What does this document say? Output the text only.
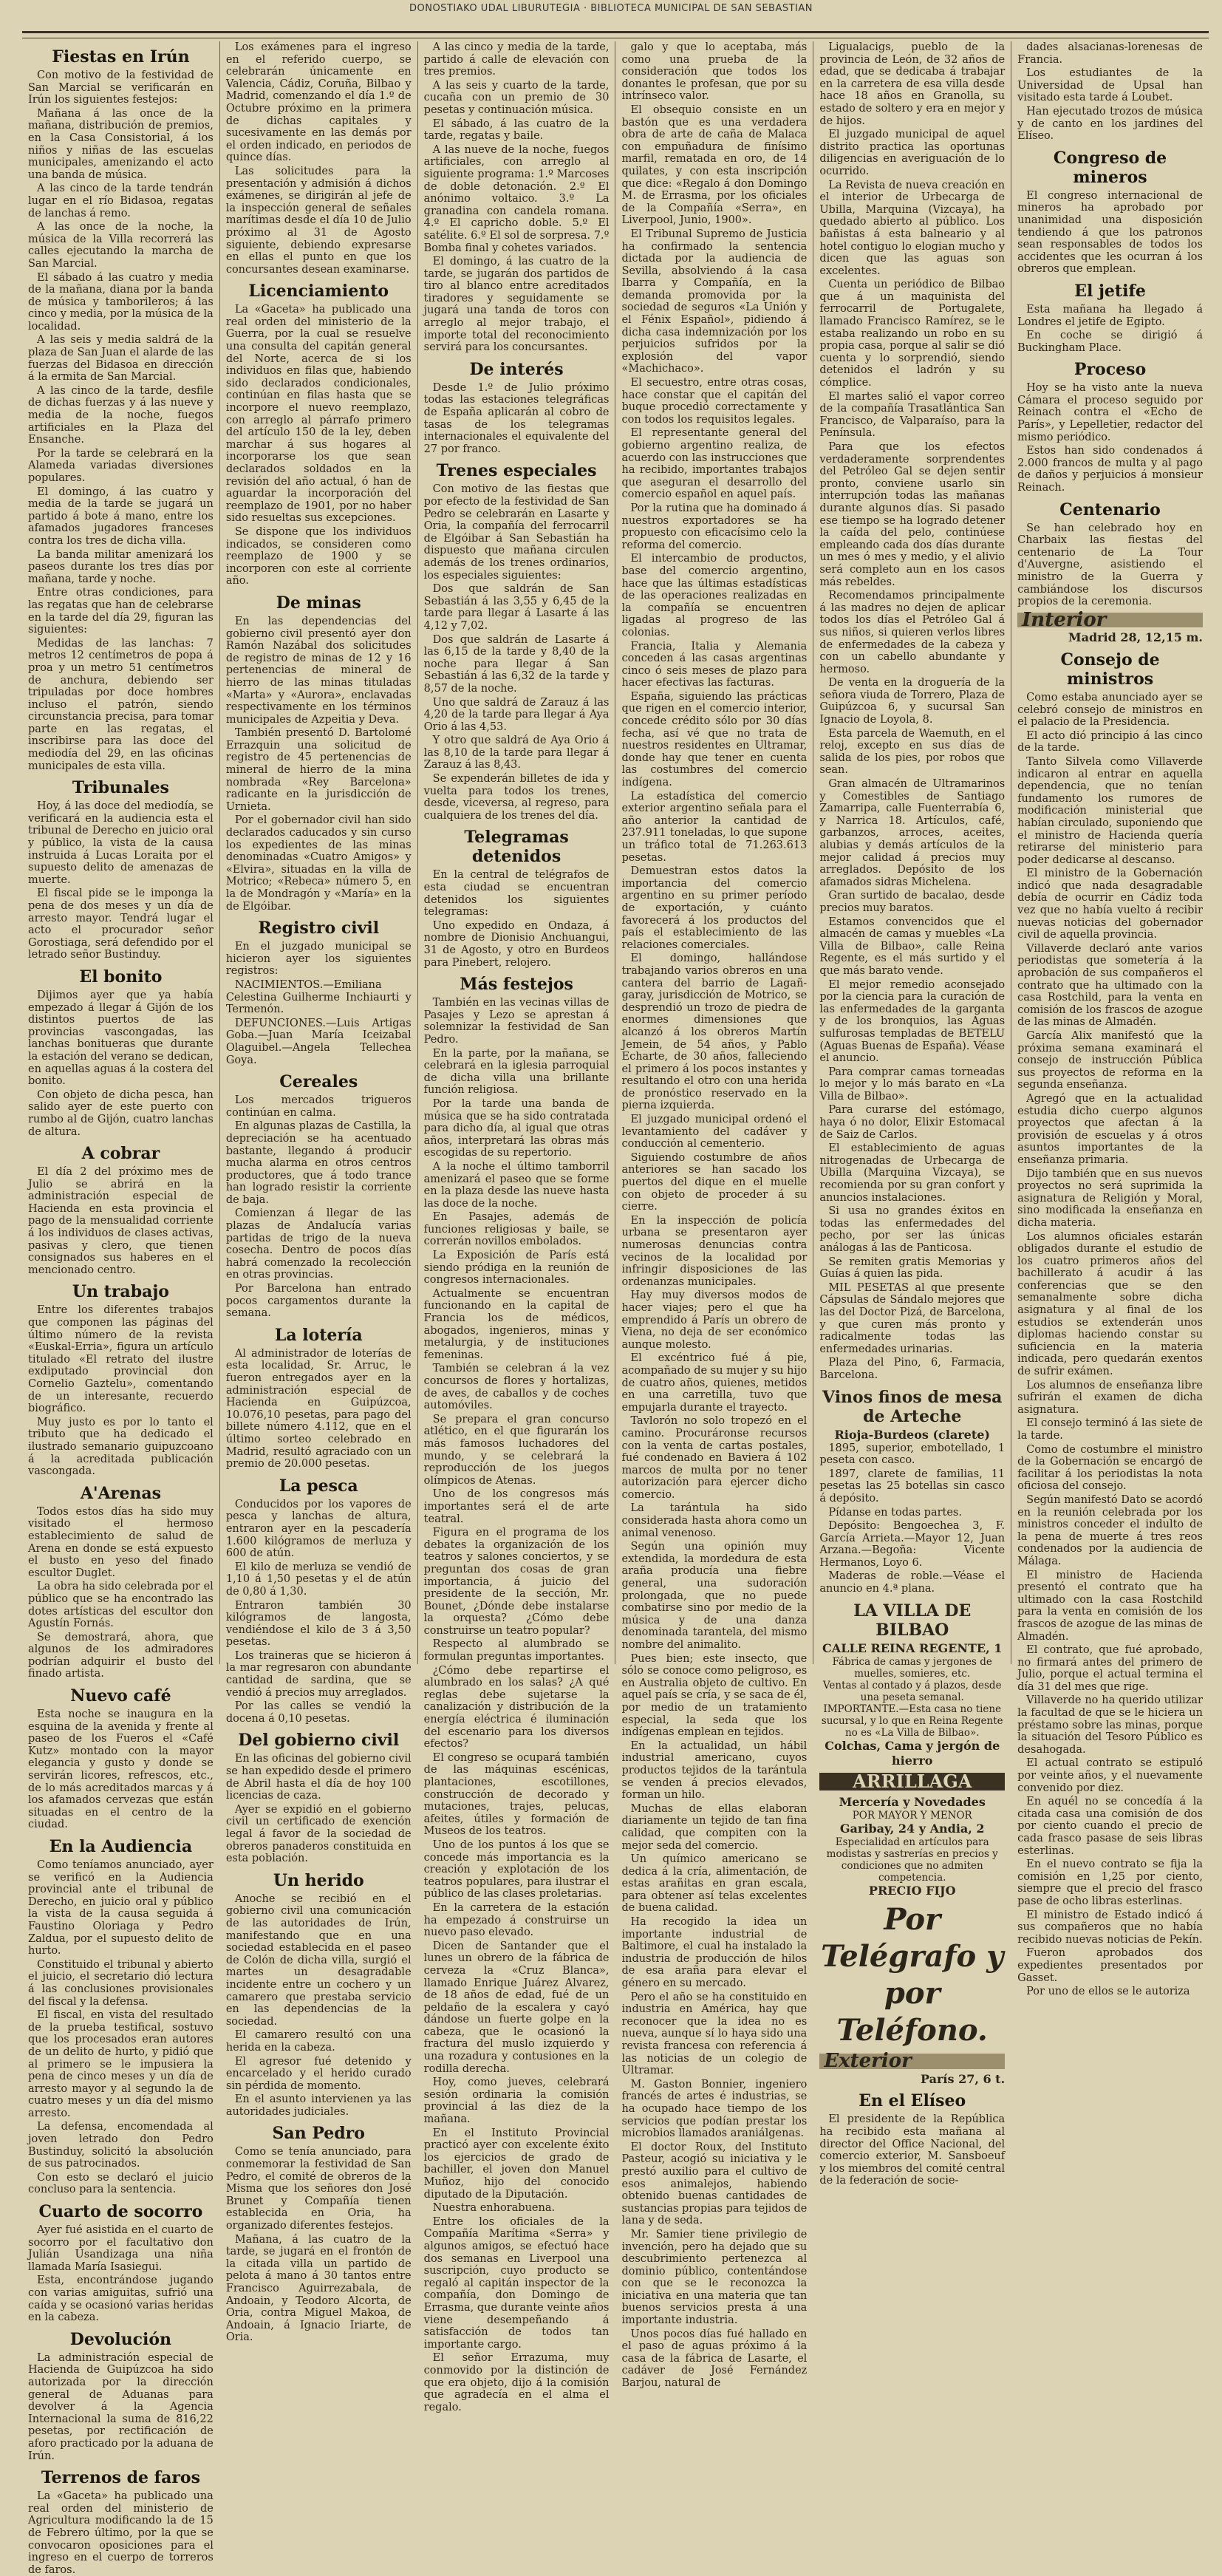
DONOSTIAKO UDAL LIBURUTEGIA · BIBLIOTECA MUNICIPAL DE SAN SEBASTIAN
Fiestas en Irún
Con motivo de la festividad de San Marcial se verificarán en Irún los siguientes festejos:
Mañana á las once de la mañana, distribución de premios, en la Casa Consistorial, á los niños y niñas de las escuelas municipales, amenizando el acto una banda de música.
A las cinco de la tarde tendrán lugar en el río Bidasoa, regatas de lanchas á remo.
A las once de la noche, la música de la Villa recorrerá las calles ejecutando la marcha de San Marcial.
El sábado á las cuatro y media de la mañana, diana por la banda de música y tamborileros; á las cinco y media, por la música de la localidad.
A las seis y media saldrá de la plaza de San Juan el alarde de las fuerzas del Bidasoa en dirección á la ermita de San Marcial.
A las cinco de la tarde, desfile de dichas fuerzas y á las nueve y media de la noche, fuegos artificiales en la Plaza del Ensanche.
Por la tarde se celebrará en la Alameda variadas diversiones populares.
El domingo, á las cuatro y media de la tarde se jugará un partido á bote á mano, entre los afamados jugadores franceses contra los tres de dicha villa.
La banda militar amenizará los paseos durante los tres días por mañana, tarde y noche.
Entre otras condiciones, para las regatas que han de celebrarse en la tarde del día 29, figuran las siguientes:
Medidas de las lanchas: 7 metros 12 centímetros de popa á proa y un metro 51 centímetros de anchura, debiendo ser tripuladas por doce hombres incluso el patrón, siendo circunstancia precisa, para tomar parte en las regatas, el inscribirse para las doce del mediodía del 29, en las oficinas municipales de esta villa.
Tribunales
Hoy, á las doce del mediodía, se verificará en la audiencia esta el tribunal de Derecho en juicio oral y público, la vista de la causa instruida á Lucas Loraita por el supuesto delito de amenazas de muerte.
El fiscal pide se le imponga la pena de dos meses y un día de arresto mayor. Tendrá lugar el acto el procurador señor Gorostiaga, será defendido por el letrado señor Bustinduy.
El bonito
Dijimos ayer que ya había empezado á llegar á Gijón de los distintos puertos de las provincias vascongadas, las lanchas bonitueras que durante la estación del verano se dedican, en aquellas aguas á la costera del bonito.
Con objeto de dicha pesca, han salido ayer de este puerto con rumbo al de Gijón, cuatro lanchas de altura.
A cobrar
El día 2 del próximo mes de Julio se abrirá en la administración especial de Hacienda en esta provincia el pago de la mensualidad corriente á los individuos de clases activas, pasivas y clero, que tienen consignados sus haberes en el mencionado centro.
Un trabajo
Entre los diferentes trabajos que componen las páginas del último número de la revista «Euskal-Erria», figura un artículo titulado «El retrato del ilustre exdiputado provincial don Cornelio Gaztelu», comentando de un interesante, recuerdo biográfico.
Muy justo es por lo tanto el tributo que ha dedicado el ilustrado semanario guipuzcoano á la acreditada publicación vascongada.
A'Arenas
Todos estos días ha sido muy visitado el hermoso establecimiento de salud de Arena en donde se está expuesto el busto en yeso del finado escultor Duglet.
La obra ha sido celebrada por el público que se ha encontrado las dotes artísticas del escultor don Agustín Fornás.
Se demostrará, ahora, que algunos de los admiradores podrían adquirir el busto del finado artista.
Nuevo café
Esta noche se inaugura en la esquina de la avenida y frente al paseo de los Fueros el «Café Kutz» montado con la mayor elegancia y gusto y donde se servirán licores, refrescos, etc., de lo más acreditados marcas y á los afamados cervezas que están situadas en el centro de la ciudad.
En la Audiencia
Como teníamos anunciado, ayer se verificó en la Audiencia provincial ante el tribunal de Derecho, en juicio oral y público la vista de la causa seguida á Faustino Oloriaga y Pedro Zaldua, por el supuesto delito de hurto.
Constituido el tribunal y abierto el juicio, el secretario dió lectura á las conclusiones provisionales del fiscal y la defensa.
El fiscal, en vista del resultado de la prueba testifical, sostuvo que los procesados eran autores de un delito de hurto, y pidió que al primero se le impusiera la pena de cinco meses y un día de arresto mayor y al segundo la de cuatro meses y un día del mismo arresto.
La defensa, encomendada al joven letrado don Pedro Bustinduy, solicitó la absolución de sus patrocinados.
Con esto se declaró el juicio concluso para la sentencia.
Cuarto de socorro
Ayer fué asistida en el cuarto de socorro por el facultativo don Julián Usandizaga una niña llamada María Isasiegui.
Esta, encontrándose jugando con varias amiguitas, sufrió una caída y se ocasionó varias heridas en la cabeza.
Devolución
La administración especial de Hacienda de Guipúzcoa ha sido autorizada por la dirección general de Aduanas para devolver á la Agencia Internacional la suma de 816,22 pesetas, por rectificación de aforo practicado por la aduana de Irún.
Terrenos de faros
La «Gaceta» ha publicado una real orden del ministerio de Agricultura modificando la de 15 de Febrero último, por la que se convocaron oposiciones para el ingreso en el cuerpo de torreros de faros.
Los exámenes para el ingreso en el referido cuerpo, se celebrarán únicamente en Valencia, Cádiz, Coruña, Bilbao y Madrid, comenzando el día 1.º de Octubre próximo en la primera de dichas capitales y sucesivamente en las demás por el orden indicado, en periodos de quince días.
Las solicitudes para la presentación y admisión á dichos exámenes, se dirigirán al jefe de la inspección general de señales marítimas desde el día 10 de Julio próximo al 31 de Agosto siguiente, debiendo expresarse en ellas el punto en que los concursantes desean examinarse.
Licenciamiento
La «Gaceta» ha publicado una real orden del ministerio de la Guerra, por la cual se resuelve una consulta del capitán general del Norte, acerca de si los individuos en filas que, habiendo sido declarados condicionales, continúan en filas hasta que se incorpore el nuevo reemplazo, con arreglo al párrafo primero del artículo 150 de la ley, deben marchar á sus hogares al incorporarse los que sean declarados soldados en la revisión del año actual, ó han de aguardar la incorporación del reemplazo de 1901, por no haber sido resueltas sus excepciones.
Se dispone que los individuos indicados, se consideren como reemplazo de 1900 y se incorporen con este al corriente año.
De minas
En las dependencias del gobierno civil presentó ayer don Ramón Nazábal dos solicitudes de registro de minas de 12 y 16 pertenencias de mineral de hierro de las minas tituladas «Marta» y «Aurora», enclavadas respectivamente en los términos municipales de Azpeitia y Deva.
También presentó D. Bartolomé Errazquin una solicitud de registro de 45 pertenencias de mineral de hierro de la mina nombrada «Rey Barcelona» radicante en la jurisdicción de Urnieta.
Por el gobernador civil han sido declarados caducados y sin curso los expedientes de las minas denominadas «Cuatro Amigos» y «Elvira», situadas en la villa de Motrico; «Rebeca» número 5, en la de Mondragón y «María» en la de Elgóibar.
Registro civil
En el juzgado municipal se hicieron ayer los siguientes registros:
NACIMIENTOS.—Emiliana Celestina Guilherme Inchiaurti y Termenón.
DEFUNCIONES.—Luis Artigas Goba.—Juan María Iceizabal Olaguibel.—Angela Tellechea Goya.
Cereales
Los mercados trigueros continúan en calma.
En algunas plazas de Castilla, la depreciación se ha acentuado bastante, llegando á producir mucha alarma en otros centros productores, que á todo trance han logrado resistir la corriente de baja.
Comienzan á llegar de las plazas de Andalucía varias partidas de trigo de la nueva cosecha. Dentro de pocos días habrá comenzado la recolección en otras provincias.
Por Barcelona han entrado pocos cargamentos durante la semana.
La lotería
Al administrador de loterías de esta localidad, Sr. Arruc, le fueron entregados ayer en la administración especial de Hacienda en Guipúzcoa, 10.076,10 pesetas, para pago del billete número 4.112, que en el último sorteo celebrado en Madrid, resultó agraciado con un premio de 20.000 pesetas.
La pesca
Conducidos por los vapores de pesca y lanchas de altura, entraron ayer en la pescadería 1.600 kilógramos de merluza y 600 de atún.
El kilo de merluza se vendió de 1,10 á 1,50 pesetas y el de atún de 0,80 á 1,30.
Entraron también 30 kilógramos de langosta, vendiéndose el kilo de 3 á 3,50 pesetas.
Los traineras que se hicieron á la mar regresaron con abundante cantidad de sardina, que se vendió á precios muy arreglados.
Por las calles se vendió la docena á 0,10 pesetas.
Del gobierno civil
En las oficinas del gobierno civil se han expedido desde el primero de Abril hasta el día de hoy 100 licencias de caza.
Ayer se expidió en el gobierno civil un certificado de exención legal á favor de la sociedad de obreros panaderos constituida en esta población.
Un herido
Anoche se recibió en el gobierno civil una comunicación de las autoridades de Irún, manifestando que en una sociedad establecida en el paseo de Colón de dicha villa, surgió el martes un desagradable incidente entre un cochero y un camarero que prestaba servicio en las dependencias de la sociedad.
El camarero resultó con una herida en la cabeza.
El agresor fué detenido y encarcelado y el herido curado sin pérdida de momento.
En el asunto intervienen ya las autoridades judiciales.
San Pedro
Como se tenía anunciado, para conmemorar la festividad de San Pedro, el comité de obreros de la Misma que los señores don José Brunet y Compañía tienen establecida en Oria, ha organizado diferentes festejos.
Mañana, á las cuatro de la tarde, se jugará en el frontón de la citada villa un partido de pelota á mano á 30 tantos entre Francisco Aguirrezabala, de Andoain, y Teodoro Alcorta, de Oria, contra Miguel Makoa, de Andoain, á Ignacio Iriarte, de Oria.
A las cinco y media de la tarde, partido á calle de elevación con tres premios.
A las seis y cuarto de la tarde, cucaña con un premio de 30 pesetas y continuación música.
El sábado, á las cuatro de la tarde, regatas y baile.
A las nueve de la noche, fuegos artificiales, con arreglo al siguiente programa: 1.º Marcoses de doble detonación. 2.º El anónimo voltaico. 3.º La granadina con candela romana. 4.º El capricho doble. 5.º El satélite. 6.º El sol de sorpresa. 7.º Bomba final y cohetes variados.
El domingo, á las cuatro de la tarde, se jugarán dos partidos de tiro al blanco entre acreditados tiradores y seguidamente se jugará una tanda de toros con arreglo al mejor trabajo, el importe total del reconocimiento servirá para los concursantes.
De interés
Desde 1.º de Julio próximo todas las estaciones telegráficas de España aplicarán al cobro de tasas de los telegramas internacionales el equivalente del 27 por franco.
Trenes especiales
Con motivo de las fiestas que por efecto de la festividad de San Pedro se celebrarán en Lasarte y Oria, la compañía del ferrocarril de Elgóibar á San Sebastián ha dispuesto que mañana circulen además de los trenes ordinarios, los especiales siguientes:
Dos que saldrán de San Sebastián á las 3,55 y 6,45 de la tarde para llegar á Lasarte á las 4,12 y 7,02.
Dos que saldrán de Lasarte á las 6,15 de la tarde y 8,40 de la noche para llegar á San Sebastián á las 6,32 de la tarde y 8,57 de la noche.
Uno que saldrá de Zarauz á las 4,20 de la tarde para llegar á Aya Orio á las 4,53.
Y otro que saldrá de Aya Orio á las 8,10 de la tarde para llegar á Zarauz á las 8,43.
Se expenderán billetes de ida y vuelta para todos los trenes, desde, viceversa, al regreso, para cualquiera de los trenes del día.
Telegramas detenidos
En la central de telégrafos de esta ciudad se encuentran detenidos los siguientes telegramas:
Uno expedido en Ondaza, á nombre de Dionisio Anchuangui, 31 de Agosto, y otro en Burdeos para Pinebert, relojero.
Más festejos
También en las vecinas villas de Pasajes y Lezo se aprestan á solemnizar la festividad de San Pedro.
En la parte, por la mañana, se celebrará en la iglesia parroquial de dicha villa una brillante función religiosa.
Por la tarde una banda de música que se ha sido contratada para dicho día, al igual que otras años, interpretará las obras más escogidas de su repertorio.
A la noche el último tamborril amenizará el paseo que se forme en la plaza desde las nueve hasta las doce de la noche.
En Pasajes, además de funciones religiosas y baile, se correrán novillos embolados.
La Exposición de París está siendo pródiga en la reunión de congresos internacionales.
Actualmente se encuentran funcionando en la capital de Francia los de médicos, abogados, ingenieros, minas y metalurgia, y de instituciones femeninas.
También se celebran á la vez concursos de flores y hortalizas, de aves, de caballos y de coches automóviles.
Se prepara el gran concurso atlético, en el que figurarán los más famosos luchadores del mundo, y se celebrará la reproducción de los juegos olímpicos de Atenas.
Uno de los congresos más importantes será el de arte teatral.
Figura en el programa de los debates la organización de los teatros y salones conciertos, y se preguntan dos cosas de gran importancia, á juicio del presidente de la sección, Mr. Bounet, ¿Dónde debe instalarse la orquesta? ¿Cómo debe construirse un teatro popular?
Respecto al alumbrado se formulan preguntas importantes.
¿Cómo debe repartirse el alumbrado en los salas? ¿A qué reglas debe sujetarse la canalización y distribución de la energía eléctrica é iluminación del escenario para los diversos efectos?
El congreso se ocupará también de las máquinas escénicas, plantaciones, escotillones, construcción de decorado y mutaciones, trajes, pelucas, afeites, útiles y formación de Museos de los teatros.
Uno de los puntos á los que se concede más importancia es la creación y explotación de los teatros populares, para ilustrar el público de las clases proletarias.
En la carretera de la estación ha empezado á construirse un nuevo paso elevado.
Dicen de Santander que el lunes un obrero de la fábrica de cerveza la «Cruz Blanca», llamado Enrique Juárez Alvarez, de 18 años de edad, fué de un peldaño de la escalera y cayó dándose un fuerte golpe en la cabeza, que le ocasionó la fractura del muslo izquierdo y una rozadura y contusiones en la rodilla derecha.
Hoy, como jueves, celebrará sesión ordinaria la comisión provincial á las diez de la mañana.
En el Instituto Provincial practicó ayer con excelente éxito los ejercicios de grado de bachiller, el joven don Manuel Muñoz, hijo del conocido diputado de la Diputación.
Nuestra enhorabuena.
Entre los oficiales de la Compañía Marítima «Serra» y algunos amigos, se efectuó hace dos semanas en Liverpool una suscripción, cuyo producto se regaló al capitán inspector de la compañía, don Domingo de Errasma, que durante veinte años viene desempeñando á satisfacción de todos tan importante cargo.
El señor Errazuma, muy conmovido por la distinción de que era objeto, dijo á la comisión que agradecía en el alma el regalo.
galo y que lo aceptaba, más como una prueba de la consideración que todos los donantes le profesan, que por su intrínseco valor.
El obsequio consiste en un bastón que es una verdadera obra de arte de caña de Malaca con empuñadura de finísimo marfil, rematada en oro, de 14 quilates, y con esta inscripción que dice: «Regalo á don Domingo M. de Errasma, por los oficiales de la Compañía «Serra», en Liverpool, Junio, 1900».
El Tribunal Supremo de Justicia ha confirmado la sentencia dictada por la audiencia de Sevilla, absolviendo á la casa Ibarra y Compañía, en la demanda promovida por la sociedad de seguros «La Unión y el Fénix Español», pidiendo á dicha casa indemnización por los perjuicios sufridos por la explosión del vapor «Machichaco».
El secuestro, entre otras cosas, hace constar que el capitán del buque procedió correctamente y con todos los requisitos legales.
El representante general del gobierno argentino realiza, de acuerdo con las instrucciones que ha recibido, importantes trabajos que aseguran el desarrollo del comercio español en aquel país.
Por la rutina que ha dominado á nuestros exportadores se ha propuesto con eficacísimo celo la reforma del comercio.
El intercambio de productos, base del comercio argentino, hace que las últimas estadísticas de las operaciones realizadas en la compañía se encuentren ligadas al progreso de las colonias.
Francia, Italia y Alemania conceden á las casas argentinas cinco ó seis meses de plazo para hacer efectivas las facturas.
España, siguiendo las prácticas que rigen en el comercio interior, concede crédito sólo por 30 días fecha, así vé que no trata de nuestros residentes en Ultramar, donde hay que tener en cuenta las costumbres del comercio indígena.
La estadística del comercio exterior argentino señala para el año anterior la cantidad de 237.911 toneladas, lo que supone un tráfico total de 71.263.613 pesetas.
Demuestran estos datos la importancia del comercio argentino en su primer período de exportación, y cuánto favorecerá á los productos del país el establecimiento de las relaciones comerciales.
El domingo, hallándose trabajando varios obreros en una cantera del barrio de Lagañ-garay, jurisdicción de Motrico, se desprendió un trozo de piedra de enormes dimensiones que alcanzó á los obreros Martín Jemein, de 54 años, y Pablo Echarte, de 30 años, falleciendo el primero á los pocos instantes y resultando el otro con una herida de pronóstico reservado en la pierna izquierda.
El juzgado municipal ordenó el levantamiento del cadáver y conducción al cementerio.
Siguiendo costumbre de años anteriores se han sacado los puertos del dique en el muelle con objeto de proceder á su cierre.
En la inspección de policía urbana se presentaron ayer numerosas denuncias contra vecinos de la localidad por infringir disposiciones de las ordenanzas municipales.
Hay muy diversos modos de hacer viajes; pero el que ha emprendido á París un obrero de Viena, no deja de ser económico aunque molesto.
El excéntrico fué á pie, acompañado de su mujer y su hijo de cuatro años, quienes, metidos en una carretilla, tuvo que empujarla durante el trayecto.
Tavlorón no solo tropezó en el camino. Procuráronse recursos con la venta de cartas postales, fué condenado en Baviera á 102 marcos de multa por no tener autorización para ejercer dicho comercio.
La tarántula ha sido considerada hasta ahora como un animal venenoso.
Según una opinión muy extendida, la mordedura de esta araña producía una fiebre general, una sudoración prolongada, que no puede combatirse sino por medio de la música y de una danza denominada tarantela, del mismo nombre del animalito.
Pues bien; este insecto, que sólo se conoce como peligroso, es en Australia objeto de cultivo. En aquel país se cría, y se saca de él, por medio de un tratamiento especial, la seda que los indígenas emplean en tejidos.
En la actualidad, un hábil industrial americano, cuyos productos tejidos de la tarántula se venden á precios elevados, forman un hilo.
Muchas de ellas elaboran diariamente un tejido de tan fina calidad, que compiten con la mejor seda del comercio.
Un químico americano se dedica á la cría, alimentación, de estas arañitas en gran escala, para obtener así telas excelentes de buena calidad.
Ha recogido la idea un importante industrial de Baltimore, el cual ha instalado la industria de producción de hilos de esa araña para elevar el género en su mercado.
Pero el año se ha constituido en industria en América, hay que reconocer que la idea no es nueva, aunque sí lo haya sido una revista francesa con referencia á las noticias de un colegio de Ultramar.
M. Gaston Bonnier, ingeniero francés de artes é industrias, se ha ocupado hace tiempo de los servicios que podían prestar los microbios llamados araniálgenas.
El doctor Roux, del Instituto Pasteur, acogió su iniciativa y le prestó auxilio para el cultivo de esos animalejos, habiendo obtenido buenas cantidades de sustancias propias para tejidos de lana y de seda.
Mr. Samier tiene privilegio de invención, pero ha dejado que su descubrimiento pertenezca al dominio público, contentándose con que se le reconozca la iniciativa en una materia que tan buenos servicios presta á una importante industria.
Unos pocos días fué hallado en el paso de aguas próximo á la casa de la fábrica de Lasarte, el cadáver de José Fernández Barjou, natural de
Ligualacigs, pueblo de la provincia de León, de 32 años de edad, que se dedicaba á trabajar en la carretera de esa villa desde hace 18 años en Granolla, su estado de soltero y era en mejor y de hijos.
El juzgado municipal de aquel distrito practica las oportunas diligencias en averiguación de lo ocurrido.
La Revista de nueva creación en el interior de Urbecarga de Ubilla, Marquina (Vizcaya), ha quedado abierto al público. Los bañistas á esta balneario y al hotel contiguo lo elogian mucho y dicen que las aguas son excelentes.
Cuenta un periódico de Bilbao que á un maquinista del ferrocarril de Portugalete, llamado Francisco Ramírez, se le estaba realizando un robo en su propia casa, porque al salir se dió cuenta y lo sorprendió, siendo detenidos el ladrón y su cómplice.
El martes salió el vapor correo de la compañía Trasatlántica San Francisco, de Valparaíso, para la Península.
Para que los efectos verdaderamente sorprendentes del Petróleo Gal se dejen sentir pronto, conviene usarlo sin interrupción todas las mañanas durante algunos días. Si pasado ese tiempo se ha logrado detener la caída del pelo, continúese empleando cada dos días durante un mes ó mes y medio, y el alivio será completo aun en los casos más rebeldes.
Recomendamos principalmente á las madres no dejen de aplicar todos los días el Petróleo Gal á sus niños, si quieren verlos libres de enfermedades de la cabeza y con un cabello abundante y hermoso.
De venta en la droguería de la señora viuda de Torrero, Plaza de Guipúzcoa 6, y sucursal San Ignacio de Loyola, 8.
Esta parcela de Waemuth, en el reloj, excepto en sus días de salida de los pies, por robos que sean.
Gran almacén de Ultramarinos y Comestibles de Santiago Zamarripa, calle Fuenterrabía 6, y Narrica 18. Artículos, café, garbanzos, arroces, aceites, alubias y demás artículos de la mejor calidad á precios muy arreglados. Depósito de los afamados sidras Michelena.
Gran surtido de bacalao, desde precios muy baratos.
Estamos convencidos que el almacén de camas y muebles «La Villa de Bilbao», calle Reina Regente, es el más surtido y el que más barato vende.
El mejor remedio aconsejado por la ciencia para la curación de las enfermedades de la garganta y de los bronquios, las Aguas sulfurosas templadas de BETELU (Aguas Buenas de España). Véase el anuncio.
Para comprar camas torneadas lo mejor y lo más barato en «La Villa de Bilbao».
Para curarse del estómago, haya ó no dolor, Elixir Estomacal de Saiz de Carlos.
El establecimiento de aguas nitrogenadas de Urbecarga de Ubilla (Marquina Vizcaya), se recomienda por su gran confort y anuncios instalaciones.
Si usa no grandes éxitos en todas las enfermedades del pecho, por ser las únicas análogas á las de Panticosa.
Se remiten gratis Memorias y Guías á quien las pida.
MIL PESETAS al que presente Cápsulas de Sándalo mejores que las del Doctor Pizá, de Barcelona, y que curen más pronto y radicalmente todas las enfermedades urinarias.
Plaza del Pino, 6, Farmacia, Barcelona.
Vinos finos de mesa de Arteche
Rioja-Burdeos (clarete)
1895, superior, embotellado, 1 peseta con casco.
1897, clarete de familias, 11 pesetas las 25 botellas sin casco á depósito.
Pídanse en todas partes.
Depósito: Bengoechea 3, F. García Arrieta.—Mayor 12, Juan Arzana.—Begoña: Vicente Hermanos, Loyo 6.
Maderas de roble.—Véase el anuncio en 4.ª plana.
LA VILLA DE BILBAO
CALLE REINA REGENTE, 1
Fábrica de camas y jergones de muelles, somieres, etc.
Ventas al contado y á plazos, desde una peseta semanal.
IMPORTANTE.—Esta casa no tiene sucursal, y lo que en Reina Regente no es «La Villa de Bilbao».
Colchas, Cama y jergón de hierro
ARRILLAGA
Mercería y Novedades
POR MAYOR Y MENOR
Garibay, 24 y Andia, 2
Especialidad en artículos para modistas y sastrerías en precios y condiciones que no admiten competencia.
PRECIO FIJO
Por Telégrafo y por Teléfono.
Exterior
París 27, 6 t.
En el Elíseo
El presidente de la República ha recibido esta mañana al director del Office Nacional, del comercio exterior, M. Sansboeuf y los miembros del comité central de la federación de socie-
dades alsacianas-lorenesas de Francia.
Los estudiantes de la Universidad de Upsal han visitado esta tarde á Loubet.
Han ejecutado trozos de música y de canto en los jardines del Elíseo.
Congreso de mineros
El congreso internacional de mineros ha aprobado por unanimidad una disposición tendiendo á que los patronos sean responsables de todos los accidentes que les ocurran á los obreros que emplean.
El jetife
Esta mañana ha llegado á Londres el jetife de Egipto.
En coche se dirigió á Buckingham Place.
Proceso
Hoy se ha visto ante la nueva Cámara el proceso seguido por Reinach contra el «Echo de París», y Lepelletier, redactor del mismo periódico.
Estos han sido condenados á 2.000 francos de multa y al pago de daños y perjuicios á monsieur Reinach.
Centenario
Se han celebrado hoy en Charbaix las fiestas del centenario de La Tour d'Auvergne, asistiendo el ministro de la Guerra y cambiándose los discursos propios de la ceremonia.
Interior
Madrid 28, 12,15 m.
Consejo de ministros
Como estaba anunciado ayer se celebró consejo de ministros en el palacio de la Presidencia.
El acto dió principio á las cinco de la tarde.
Tanto Silvela como Villaverde indicaron al entrar en aquella dependencia, que no tenían fundamento los rumores de modificación ministerial que habían circulado, suponiendo que el ministro de Hacienda quería retirarse del ministerio para poder dedicarse al descanso.
El ministro de la Gobernación indicó que nada desagradable debía de ocurrir en Cádiz toda vez que no había vuelto á recibir nuevas noticias del gobernador civil de aquella provincia.
Villaverde declaró ante varios periodistas que sometería á la aprobación de sus compañeros el contrato que ha ultimado con la casa Rostchild, para la venta en comisión de los frascos de azogue de las minas de Almadén.
García Alix manifestó que la próxima semana examinará el consejo de instrucción Pública sus proyectos de reforma en la segunda enseñanza.
Agregó que en la actualidad estudia dicho cuerpo algunos proyectos que afectan á la provisión de escuelas y á otros asuntos importantes de la enseñanza primaria.
Dijo también que en sus nuevos proyectos no será suprimida la asignatura de Religión y Moral, sino modificada la enseñanza en dicha materia.
Los alumnos oficiales estarán obligados durante el estudio de los cuatro primeros años del bachillerato á acudir á las conferencias que se den semanalmente sobre dicha asignatura y al final de los estudios se extenderán unos diplomas haciendo constar su suficiencia en la materia indicada, pero quedarán exentos de sufrir exámen.
Los alumnos de enseñanza libre sufrirán el examen de dicha asignatura.
El consejo terminó á las siete de la tarde.
Como de costumbre el ministro de la Gobernación se encargó de facilitar á los periodistas la nota oficiosa del consejo.
Según manifestó Dato se acordó en la reunión celebrada por los ministros conceder el indulto de la pena de muerte á tres reos condenados por la audiencia de Málaga.
El ministro de Hacienda presentó el contrato que ha ultimado con la casa Rostchild para la venta en comisión de los frascos de azogue de las minas de Almadén.
El contrato, que fué aprobado, no firmará antes del primero de Julio, porque el actual termina el día 31 del mes que rige.
Villaverde no ha querido utilizar la facultad de que se le hiciera un préstamo sobre las minas, porque la situación del Tesoro Público es desahogada.
El actual contrato se estipuló por veinte años, y el nuevamente convenido por diez.
En aquél no se concedía á la citada casa una comisión de dos por ciento cuando el precio de cada frasco pasase de seis libras esterlinas.
En el nuevo contrato se fija la comisión en 1,25 por ciento, siempre que el precio del frasco pase de ocho libras esterlinas.
El ministro de Estado indicó á sus compañeros que no había recibido nuevas noticias de Pekín.
Fueron aprobados dos expedientes presentados por Gasset.
Por uno de ellos se le autoriza
